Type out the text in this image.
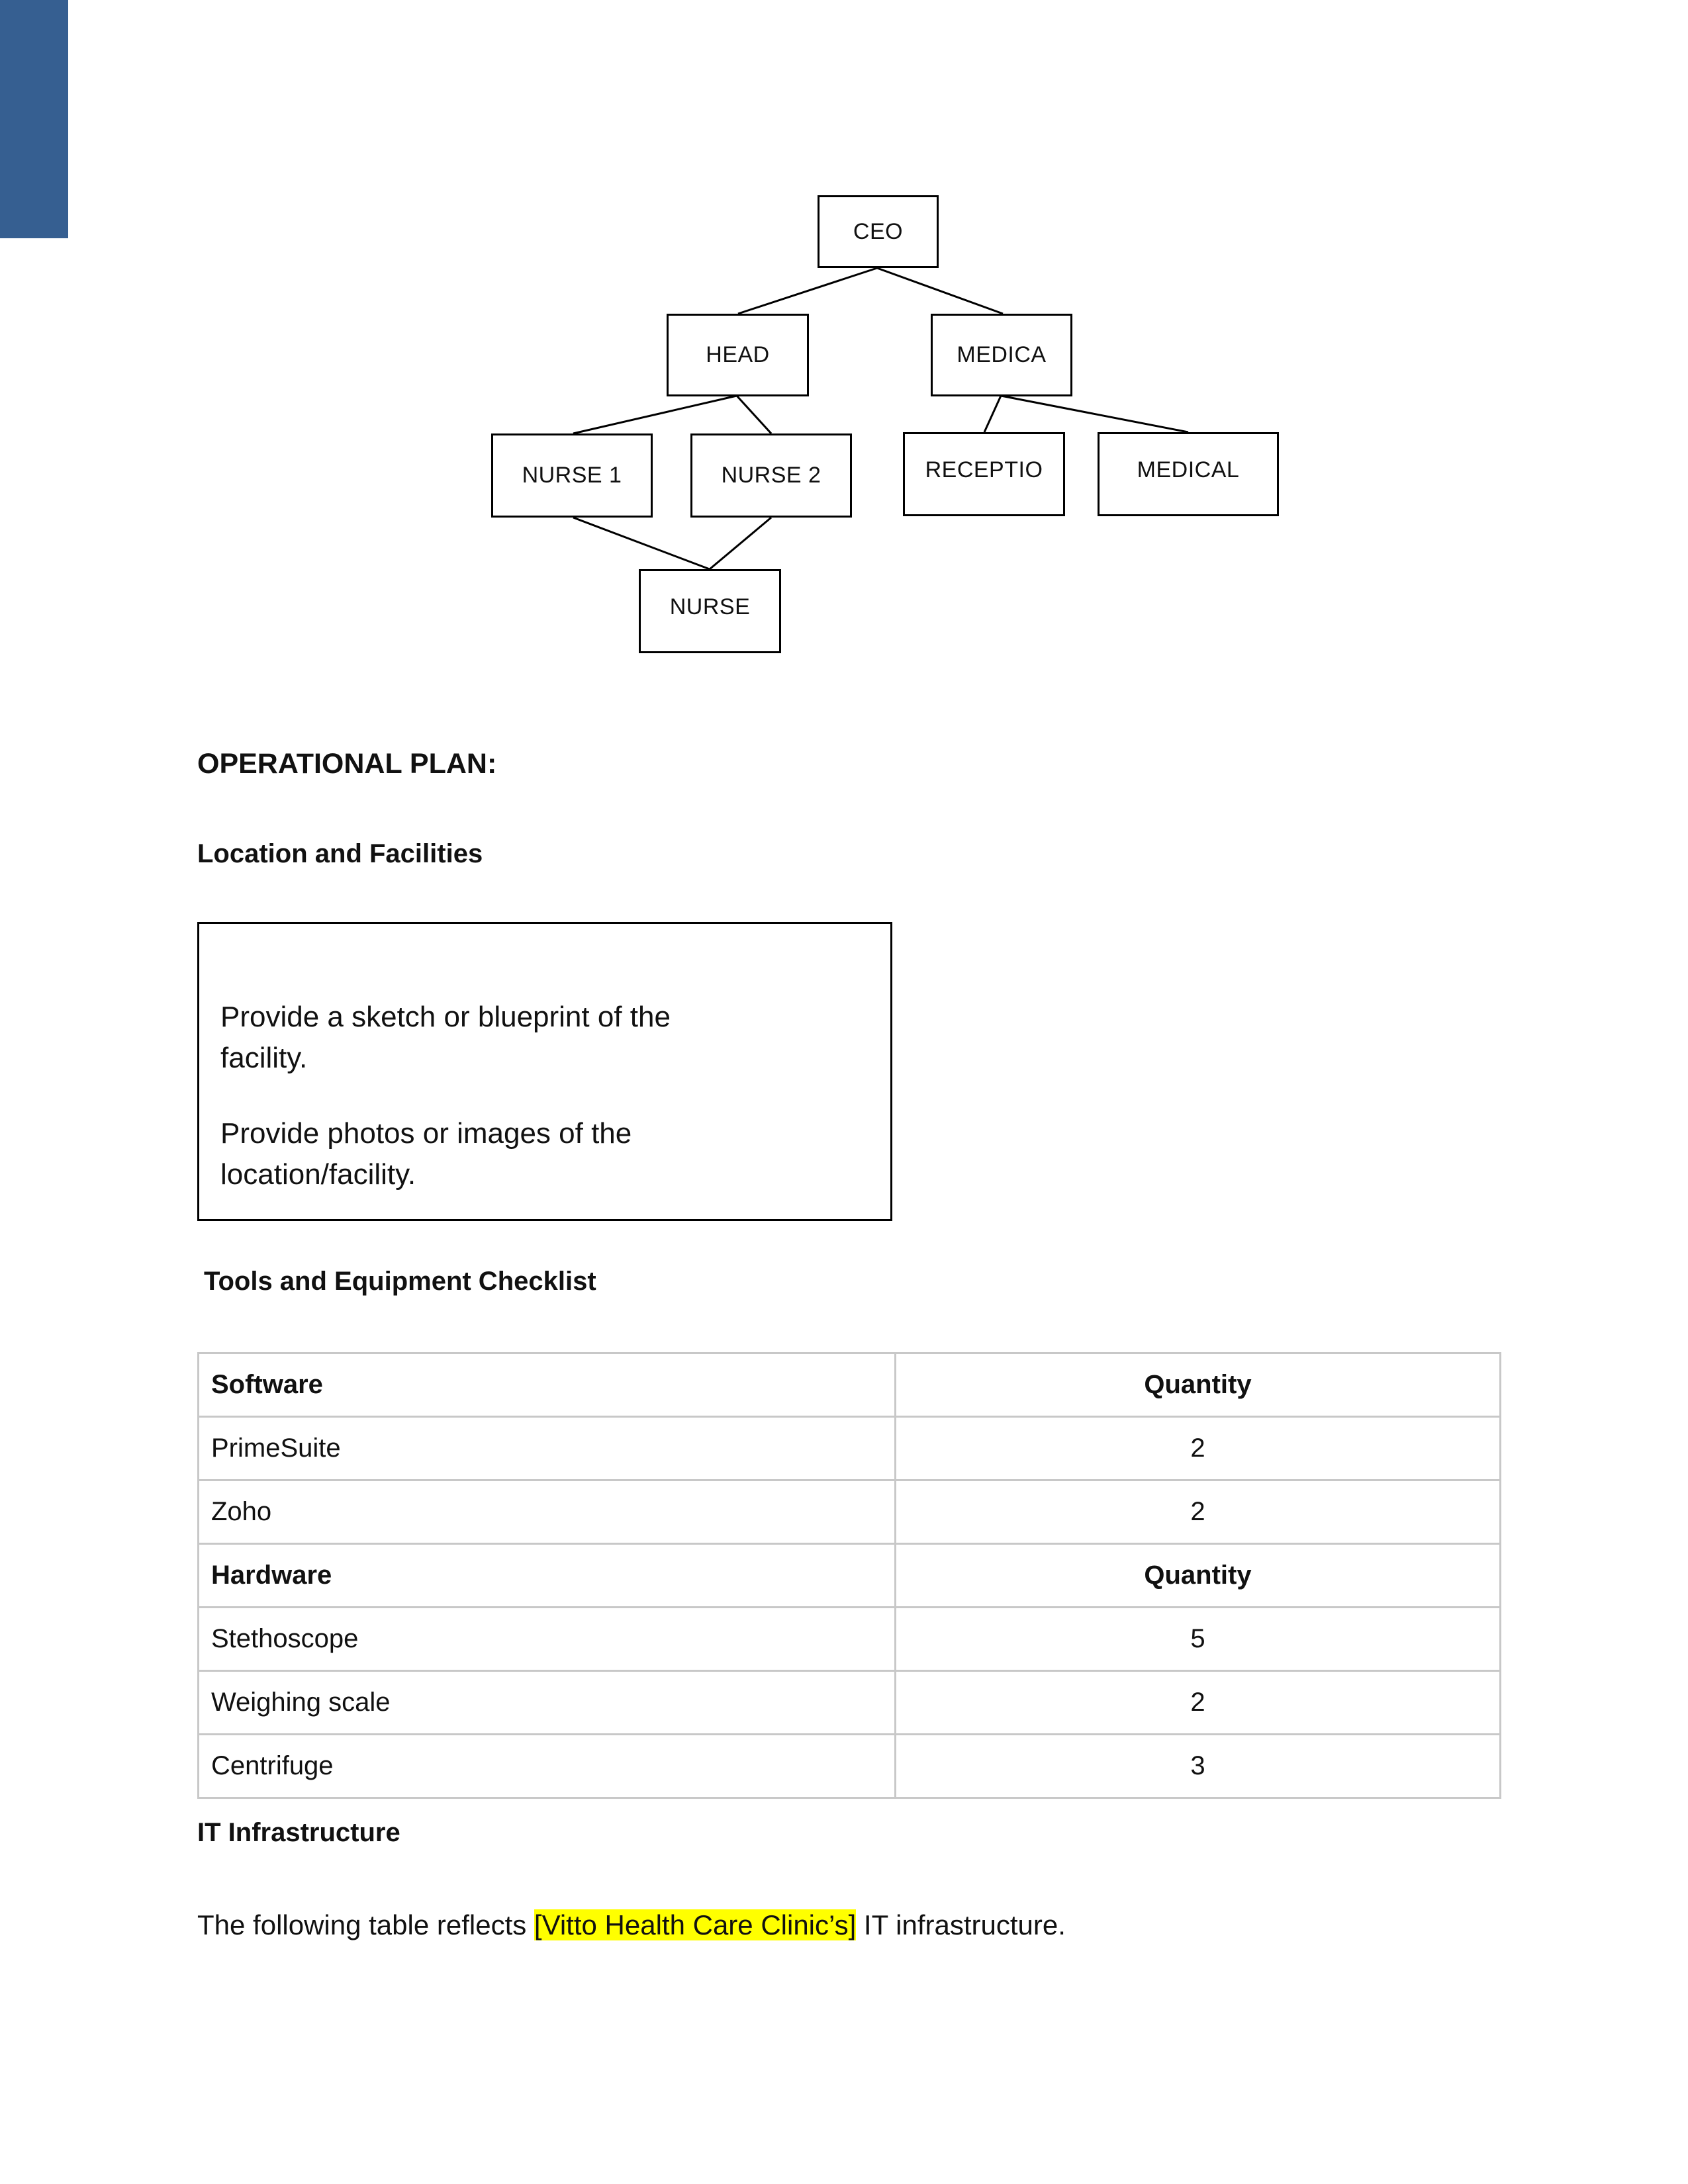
CEO
HEAD	MEDICA
NURSE 1	NURSE 2	RECEPTIO	MEDICAL
NURSE
OPERATIONAL PLAN:
Location and Facilities

Provide a sketch or blueprint of the facility.

Provide photos or images of the location/facility.

Tools and Equipment Checklist
Software	Quantity
PrimeSuite	2
Zoho	2
Hardware	Quantity
Stethoscope	5
Weighing scale	2
Centrifuge	3
IT Infrastructure

The following table reflects [Vitto Health Care Clinic’s] IT infrastructure.
